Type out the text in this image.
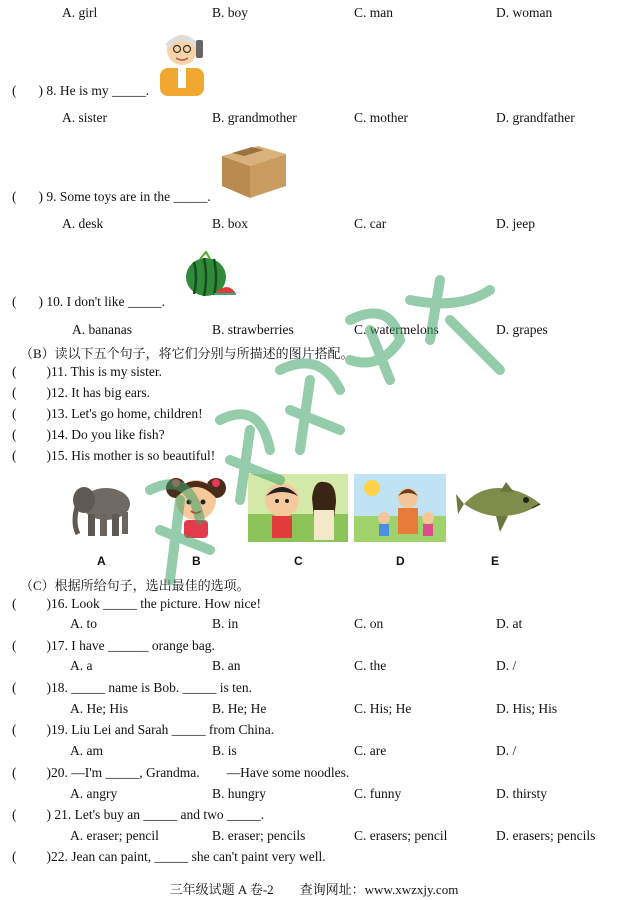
A. girl	B. boy	C. man	D. woman
( ) 8. He is my _____.
A. sister	B. grandmother	C. mother	D. grandfather
( ) 9. Some toys are in the _____.
A. desk	B. box	C. car	D. jeep
( ) 10. I don't like _____.
A. bananas	B. strawberries	C. watermelons	D. grapes
（B）读以下五个句子，将它们分别与所描述的图片搭配。
( )11. This is my sister.
( )12. It has big ears.
( )13. Let's go home, children!
( )14. Do you like fish?
( )15. His mother is so beautiful!
A	B	C	D	E
（C）根据所给句子，选出最佳的选项。
( )16. Look _____ the picture. How nice!
A. to	B. in	C. on	D. at
( )17. I have ______ orange bag.
A. a	B. an	C. the	D. /
( )18. _____ name is Bob. _____ is ten.
A. He; His	B. He; He	C. His; He	D. His; His
( )19. Liu Lei and Sarah _____ from China.
A. am	B. is	C. are	D. /
( )20. —I'm _____, Grandma.        —Have some noodles.
A. angry	B. hungry	C. funny	D. thirsty
( ) 21. Let's buy an _____ and two _____.
A. eraser; pencil	B. eraser; pencils	C. erasers; pencil	D. erasers; pencils
( )22. Jean can paint, _____ she can't paint very well.
三年级试题 A 卷-2        查询网址：www.xwzxjy.com
